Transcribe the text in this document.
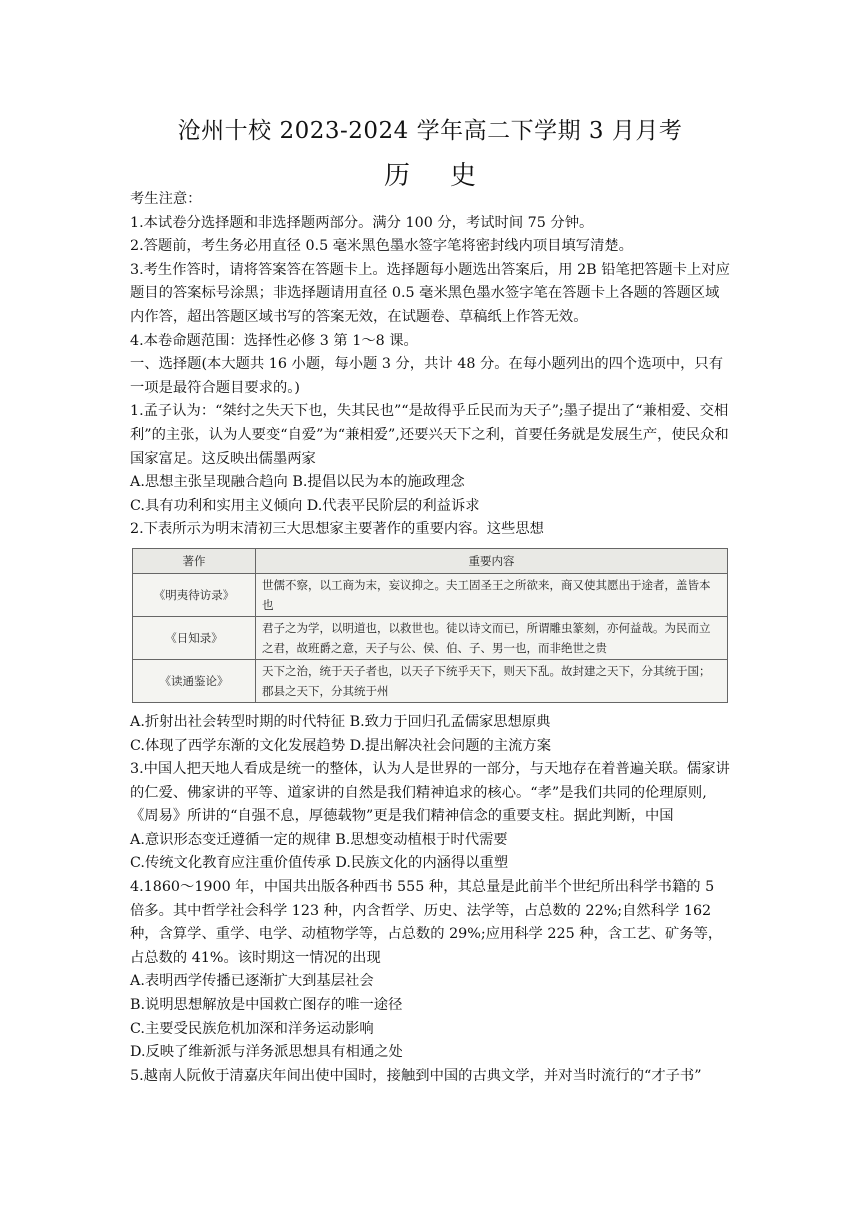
沧州十校 2023-2024 学年高二下学期 3 月月考
历史

考生注意：

1.本试卷分选择题和非选择题两部分。满分 100 分，考试时间 75 分钟。

2.答题前，考生务必用直径 0.5 毫米黑色墨水签字笔将密封线内项目填写清楚。

3.考生作答时，请将答案答在答题卡上。选择题每小题选出答案后，用 2B 铅笔把答题卡上对应题目的答案标号涂黑；非选择题请用直径 0.5 毫米黑色墨水签字笔在答题卡上各题的答题区域内作答，超出答题区域书写的答案无效，在试题卷、草稿纸上作答无效。

4.本卷命题范围：选择性必修 3 第 1～8 课。

一、选择题(本大题共 16 小题，每小题 3 分，共计 48 分。在每小题列出的四个选项中，只有一项是最符合题目要求的。)

1.孟子认为：“桀纣之失天下也，失其民也”“是故得乎丘民而为天子”;墨子提出了“兼相爱、交相利”的主张，认为人要变“自爱”为“兼相爱”,还要兴天下之利，首要任务就是发展生产，使民众和国家富足。这反映出儒墨两家

A.思想主张呈现融合趋向 B.提倡以民为本的施政理念

C.具有功利和实用主义倾向 D.代表平民阶层的利益诉求

2.下表所示为明末清初三大思想家主要著作的重要内容。这些思想

著作	重要内容
《明夷待访录》	世儒不察，以工商为末，妄议抑之。夫工固圣王之所欲来，商又使其愿出于途者，盖皆本也
《日知录》	君子之为学，以明道也，以救世也。徒以诗文而已，所谓雕虫篆刻，亦何益哉。为民而立之君，故班爵之意，天子与公、侯、伯、子、男一也，而非绝世之贵
《读通鉴论》	天下之治，统于天子者也，以天子下统乎天下，则天下乱。故封建之天下，分其统于国；郡县之天下，分其统于州

A.折射出社会转型时期的时代特征 B.致力于回归孔孟儒家思想原典

C.体现了西学东渐的文化发展趋势 D.提出解决社会问题的主流方案

3.中国人把天地人看成是统一的整体，认为人是世界的一部分，与天地存在着普遍关联。儒家讲的仁爱、佛家讲的平等、道家讲的自然是我们精神追求的核心。“孝”是我们共同的伦理原则,《周易》所讲的“自强不息，厚德载物”更是我们精神信念的重要支柱。据此判断，中国

A.意识形态变迁遵循一定的规律 B.思想变动植根于时代需要

C.传统文化教育应注重价值传承 D.民族文化的内涵得以重塑

4.1860～1900 年，中国共出版各种西书 555 种，其总量是此前半个世纪所出科学书籍的 5 倍多。其中哲学社会科学 123 种，内含哲学、历史、法学等，占总数的 22%;自然科学 162 种，含算学、重学、电学、动植物学等，占总数的 29%;应用科学 225 种，含工艺、矿务等，占总数的 41%。该时期这一情况的出现

A.表明西学传播已逐渐扩大到基层社会

B.说明思想解放是中国救亡图存的唯一途径

C.主要受民族危机加深和洋务运动影响

D.反映了维新派与洋务派思想具有相通之处

5.越南人阮攸于清嘉庆年间出使中国时，接触到中国的古典文学，并对当时流行的“才子书”
